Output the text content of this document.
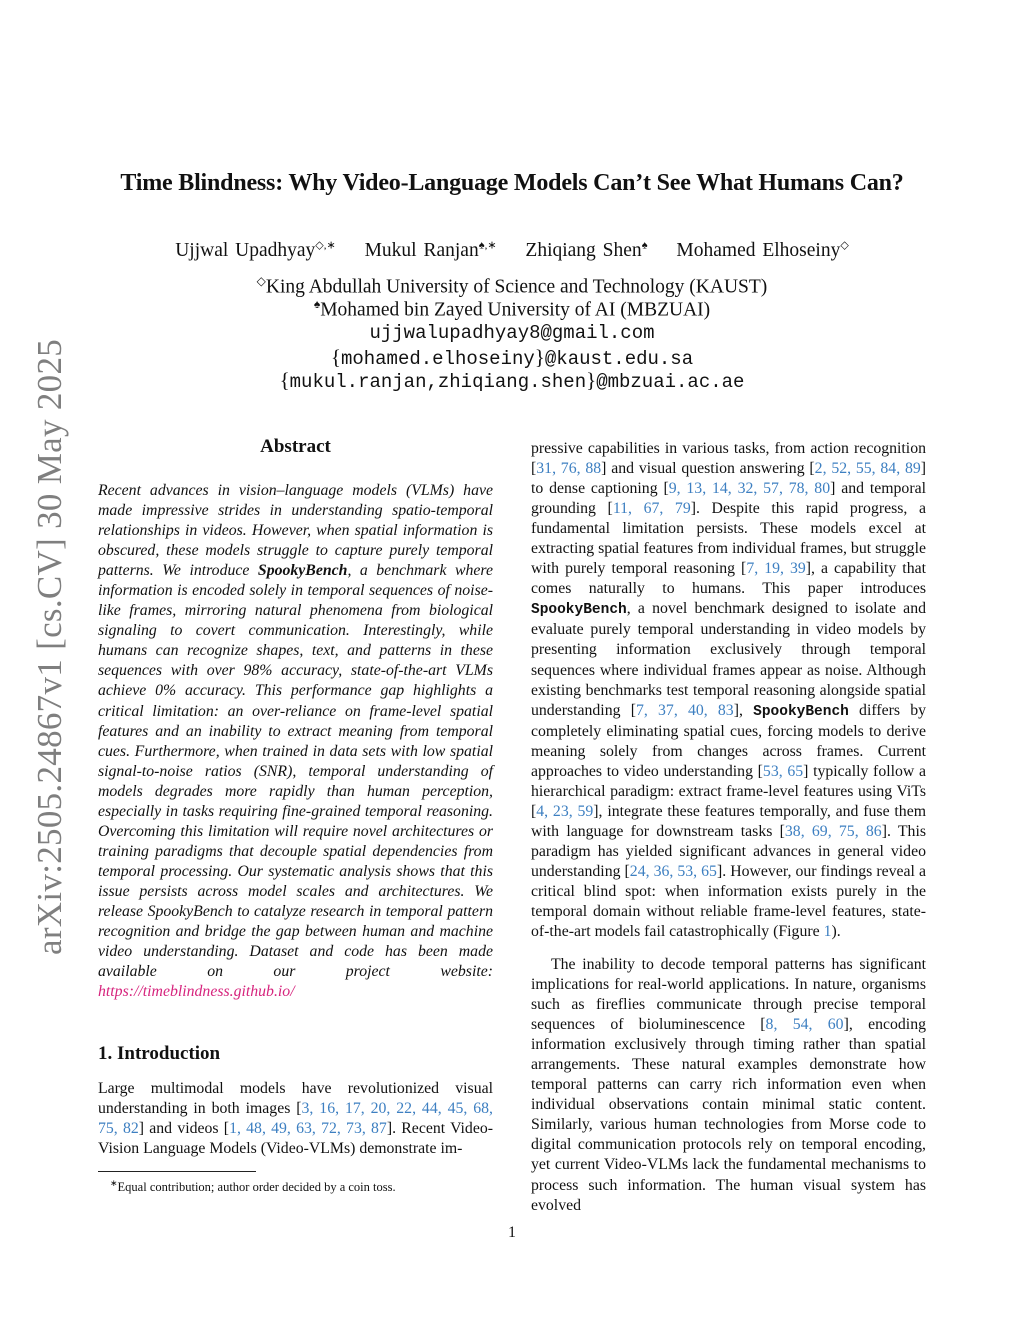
arXiv:2505.24867v1 [cs.CV] 30 May 2025
Time Blindness: Why Video-Language Models Can’t See What Humans Can?
Ujjwal Upadhyay◇,∗ Mukul Ranjan♠,∗ Zhiqiang Shen♠ Mohamed Elhoseiny◇
◇King Abdullah University of Science and Technology (KAUST)
♠Mohamed bin Zayed University of AI (MBZUAI)
ujjwalupadhyay8@gmail.com
{mohamed.elhoseiny}@kaust.edu.sa
{mukul.ranjan,zhiqiang.shen}@mbzuai.ac.ae
Abstract
Recent advances in vision–language models (VLMs) have made impressive strides in understanding spatio-temporal relationships in videos. However, when spatial information is obscured, these models struggle to capture purely temporal patterns. We introduce SpookyBench, a benchmark where information is encoded solely in temporal sequences of noise-like frames, mirroring natural phenomena from biological signaling to covert communication. Interestingly, while humans can recognize shapes, text, and patterns in these sequences with over 98% accuracy, state-of-the-art VLMs achieve 0% accuracy. This performance gap highlights a critical limitation: an over-reliance on frame-level spatial features and an inability to extract meaning from temporal cues. Furthermore, when trained in data sets with low spatial signal-to-noise ratios (SNR), temporal understanding of models degrades more rapidly than human perception, especially in tasks requiring fine-grained temporal reasoning. Overcoming this limitation will require novel architectures or training paradigms that decouple spatial dependencies from temporal processing. Our systematic analysis shows that this issue persists across model scales and architectures. We release SpookyBench to catalyze research in temporal pattern recognition and bridge the gap between human and machine video understanding. Dataset and code has been made available on our project website: https://timeblindness.github.io/
1. Introduction
Large multimodal models have revolutionized visual understanding in both images [3, 16, 17, 20, 22, 44, 45, 68, 75, 82] and videos [1, 48, 49, 63, 72, 73, 87]. Recent Video-Vision Language Models (Video-VLMs) demonstrate im-
∗Equal contribution; author order decided by a coin toss.
pressive capabilities in various tasks, from action recognition [31, 76, 88] and visual question answering [2, 52, 55, 84, 89] to dense captioning [9, 13, 14, 32, 57, 78, 80] and temporal grounding [11, 67, 79]. Despite this rapid progress, a fundamental limitation persists. These models excel at extracting spatial features from individual frames, but struggle with purely temporal reasoning [7, 19, 39], a capability that comes naturally to humans. This paper introduces SpookyBench, a novel benchmark designed to isolate and evaluate purely temporal understanding in video models by presenting information exclusively through temporal sequences where individual frames appear as noise. Although existing benchmarks test temporal reasoning alongside spatial understanding [7, 37, 40, 83], SpookyBench differs by completely eliminating spatial cues, forcing models to derive meaning solely from changes across frames. Current approaches to video understanding [53, 65] typically follow a hierarchical paradigm: extract frame-level features using ViTs [4, 23, 59], integrate these features temporally, and fuse them with language for downstream tasks [38, 69, 75, 86]. This paradigm has yielded significant advances in general video understanding [24, 36, 53, 65]. However, our findings reveal a critical blind spot: when information exists purely in the temporal domain without reliable frame-level features, state-of-the-art models fail catastrophically (Figure 1).

The inability to decode temporal patterns has significant implications for real-world applications. In nature, organisms such as fireflies communicate through precise temporal sequences of bioluminescence [8, 54, 60], encoding information exclusively through timing rather than spatial arrangements. These natural examples demonstrate how temporal patterns can carry rich information even when individual observations contain minimal static content. Similarly, various human technologies from Morse code to digital communication protocols rely on temporal encoding, yet current Video-VLMs lack the fundamental mechanisms to process such information. The human visual system has evolved

1
